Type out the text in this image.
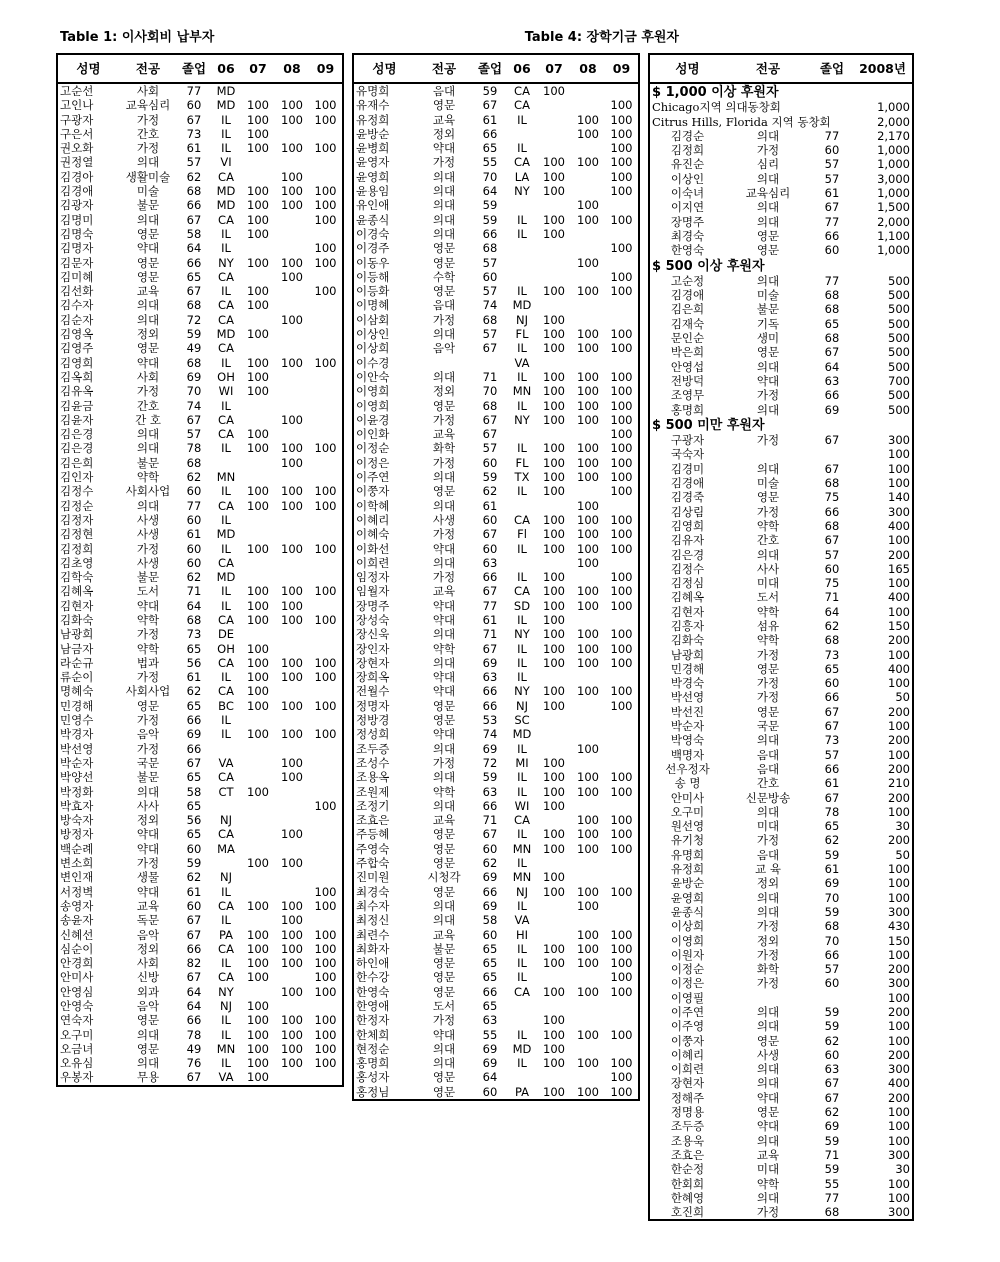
Table 1: 이사회비 납부자	Table 4: 장학기금 후원자
성명	전공	졸업	06	07	08	09
고순선	사회	77	MD			
고인나	교육심리	60	MD	100	100	100
구광자	가정	67	IL	100	100	100
구은서	간호	73	IL	100		
권오화	가정	61	IL	100	100	100
권정열	의대	57	VI			
김경아	생활미술	62	CA		100	
김경애	미술	68	MD	100	100	100
김광자	불문	66	MD	100	100	100
김명미	의대	67	CA	100		100
김명숙	영문	58	IL	100		
김명자	약대	64	IL			100
김문자	영문	66	NY	100	100	100
김미혜	영문	65	CA		100	
김선화	교육	67	IL	100		100
김수자	의대	68	CA	100		
김순자	의대	72	CA		100	
김영옥	정외	59	MD	100		
김영주	영문	49	CA			
김영희	약대	68	IL	100	100	100
김옥희	사회	69	OH	100		
김유옥	가정	70	WI	100		
김윤금	간호	74	IL			
김윤자	간 호	67	CA		100	
김은경	의대	57	CA	100		
김은경	의대	78	IL	100	100	100
김은희	불문	68			100	
김인자	약학	62	MN			
김정수	사회사업	60	IL	100	100	100
김정순	의대	77	CA	100	100	100
김정자	사생	60	IL			
김정현	사생	61	MD			
김정희	가정	60	IL	100	100	100
김초영	사생	60	CA			
김학숙	불문	62	MD			
김혜옥	도서	71	IL	100	100	100
김현자	약대	64	IL	100	100	
김화숙	약학	68	CA	100	100	100
남광희	가정	73	DE			
남금자	약학	65	OH	100		
라순규	법과	56	CA	100	100	100
류순이	가정	61	IL	100	100	100
명혜숙	사회사업	62	CA	100		
민경해	영문	65	BC	100	100	100
민영수	가정	66	IL			
박경자	음악	69	IL	100	100	100
박선영	가정	66				
박순자	국문	67	VA		100	
박양선	불문	65	CA		100	
박정화	의대	58	CT	100		
박효자	사사	65				100
방숙자	정외	56	NJ			
방정자	약대	65	CA		100	
백순례	약대	60	MA			
변소희	가정	59		100	100	
변인재	생물	62	NJ			
서정벽	약대	61	IL			100
송영자	교육	60	CA	100	100	100
송윤자	독문	67	IL		100	
신혜선	음악	67	PA	100	100	100
심순이	정외	66	CA	100	100	100
안경희	사회	82	IL	100	100	100
안미사	신방	67	CA	100		100
안영심	외과	64	NY		100	100
안영숙	음악	64	NJ	100		
연숙자	영문	66	IL	100	100	100
오구미	의대	78	IL	100	100	100
오금녀	영문	49	MN	100	100	100
오유심	의대	76	IL	100	100	100
우봉자	무용	67	VA	100		
성명	전공	졸업	06	07	08	09
유명희	음대	59	CA	100		
유재수	영문	67	CA			100
유정희	교육	61	IL		100	100
윤방순	정외	66			100	100
윤병희	약대	65	IL			100
윤영자	가정	55	CA	100	100	100
윤영희	의대	70	LA	100		100
윤용임	의대	64	NY	100		100
유인애	의대	59			100	
윤종식	의대	59	IL	100	100	100
이경숙	의대	66	IL	100		
이경주	영문	68				100
이동우	영문	57			100	
이등해	수학	60				100
이등화	영문	57	IL	100	100	100
이명혜	음대	74	MD			
이삼회	가정	68	NJ	100		
이상인	의대	57	FL	100	100	100
이상희	음악	67	IL	100	100	100
이수경			VA			
이안숙	의대	71	IL	100	100	100
이영희	정외	70	MN	100	100	100
이영희	영문	68	IL	100	100	100
이윤경	가정	67	NY	100	100	100
이인화	교육	67				100
이정순	화학	57	IL	100	100	100
이정은	가정	60	FL	100	100	100
이주연	의대	59	TX	100	100	100
이쭝자	영문	62	IL	100		100
이학혜	의대	61			100	
이혜리	사생	60	CA	100	100	100
이혜숙	가정	67	Fl	100	100	100
이화선	약대	60	IL	100	100	100
이희련	의대	63			100	
임정자	가정	66	IL	100		100
임월자	교육	67	CA	100	100	100
장명주	약대	77	SD	100	100	100
장성숙	약대	61	IL	100		
장신욱	의대	71	NY	100	100	100
장인자	약학	67	IL	100	100	100
장현자	의대	69	IL	100	100	100
장희옥	약대	63	IL			
전월수	약대	66	NY	100	100	100
정명자	영문	66	NJ	100		100
정방경	영문	53	SC			
정성희	약대	74	MD			
조두증	의대	69	IL		100	
조성수	가정	72	MI	100		
조용옥	의대	59	IL	100	100	100
조원제	약학	63	IL	100	100	100
조정기	의대	66	WI	100		
조효은	교육	71	CA		100	100
주등혜	영문	67	IL	100	100	100
주영숙	영문	60	MN	100	100	100
주합숙	영문	62	IL			
진미원	시청각	69	MN	100		
최경숙	영문	66	NJ	100	100	100
최수자	의대	69	IL		100	
최정신	의대	58	VA			
최련수	교육	60	HI		100	100
최화자	불문	65	IL	100	100	100
하인애	영문	65	IL	100	100	100
한수강	영문	65	IL			100
한영숙	영문	66	CA	100	100	100
한영애	도서	65				
한정자	가정	63		100		
한체희	약대	55	IL	100	100	100
현정순	의대	69	MD	100		
홍명희	의대	69	IL	100	100	100
홍성자	영문	64				100
홍정님	영문	60	PA	100	100	100
성명	전공	졸업	2008년
$ 1,000 이상 후원자			
Chicago지역 의대동창회			1,000
Citrus Hills, Florida 지역 동창회			2,000
김경순	의대	77	2,170
김정희	가정	60	1,000
유진순	심리	57	1,000
이상인	의대	57	3,000
이숙녀	교육심리	61	1,000
이지연	의대	67	1,500
장명주	의대	77	2,000
최경숙	영문	66	1,100
한영숙	영문	60	1,000
$ 500 이상 후원자			
고순정	의대	77	500
김경애	미술	68	500
김은희	불문	68	500
김재숙	기독	65	500
문인순	생미	68	500
박은희	영문	67	500
안영섭	의대	64	500
전방덕	약대	63	700
조영무	가정	66	500
홍명희	의대	69	500
$ 500 미만 후원자			
구광자	가정	67	300
국숙자			100
김경미	의대	67	100
김경애	미술	68	100
김경죽	영문	75	140
김상림	가정	66	300
김영희	약학	68	400
김유자	간호	67	100
김은경	의대	57	200
김정수	사사	60	165
김정심	미대	75	100
김혜옥	도서	71	400
김현자	약학	64	100
김흥자	섬유	62	150
김화숙	약학	68	200
남광희	가정	73	100
민경해	영문	65	400
박경숙	가정	60	100
박선영	가정	66	50
박선진	영문	67	200
박순자	국문	67	100
박영숙	의대	73	200
백명자	음대	57	100
선우정자	음대	66	200
송 명	간호	61	210
안미사	신문방송	67	200
오구미	의대	78	100
원선영	미대	65	30
유기청	가정	62	200
유명희	음대	59	50
유정희	교 육	61	100
윤방순	정외	69	100
윤영희	의대	70	100
윤종식	의대	59	300
이상희	가정	68	430
이영희	정외	70	150
이원자	가정	66	100
이정순	화학	57	200
이정은	가정	60	300
이영필			100
이주연	의대	59	200
이주영	의대	59	100
이쭝자	영문	62	100
이혜리	사생	60	200
이희련	의대	63	300
장현자	의대	67	400
정해주	약대	67	200
정명용	영문	62	100
조두증	약대	69	100
조용욱	의대	59	100
조효은	교육	71	300
한순정	미대	59	30
한회희	약학	55	100
한혜영	의대	77	100
호진희	가정	68	300
